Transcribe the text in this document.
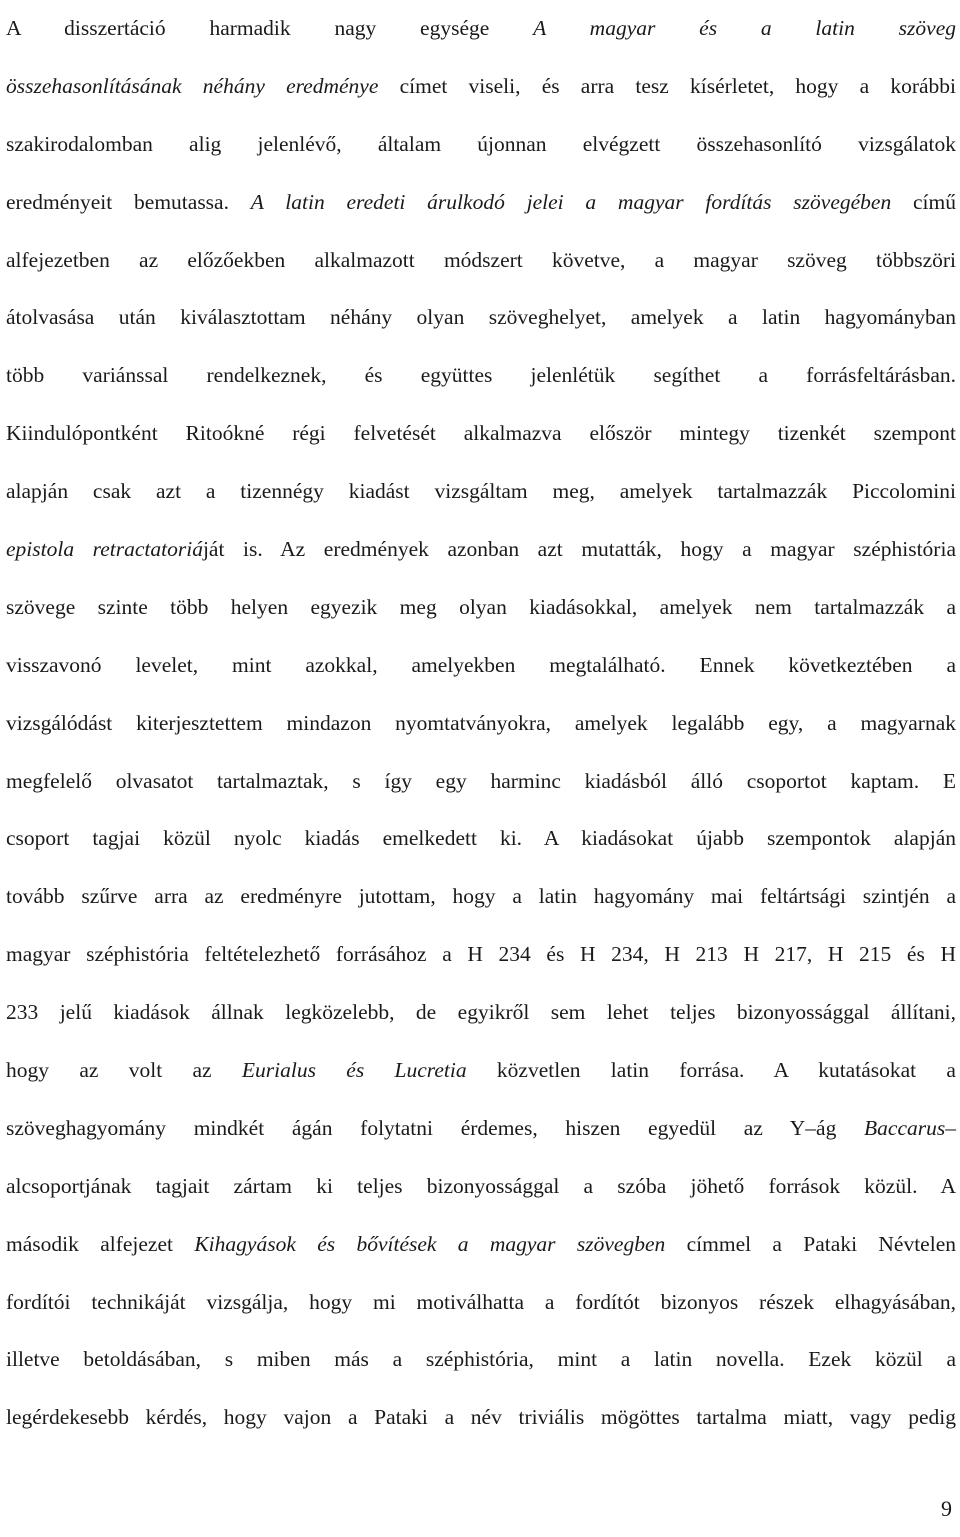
A disszertáció harmadik nagy egysége A magyar és a latin szöveg
összehasonlításának néhány eredménye címet viseli, és arra tesz kísérletet, hogy a korábbi
szakirodalomban alig jelenlévő, általam újonnan elvégzett összehasonlító vizsgálatok
eredményeit bemutassa. A latin eredeti árulkodó jelei a magyar fordítás szövegében című
alfejezetben az előzőekben alkalmazott módszert követve, a magyar szöveg többszöri
átolvasása után kiválasztottam néhány olyan szöveghelyet, amelyek a latin hagyományban
több variánssal rendelkeznek, és együttes jelenlétük segíthet a forrásfeltárásban.
Kiindulópontként Ritoókné régi felvetését alkalmazva először mintegy tizenkét szempont
alapján csak azt a tizennégy kiadást vizsgáltam meg, amelyek tartalmazzák Piccolomini
epistola retractatoriáját is. Az eredmények azonban azt mutatták, hogy a magyar széphistória
szövege szinte több helyen egyezik meg olyan kiadásokkal, amelyek nem tartalmazzák a
visszavonó levelet, mint azokkal, amelyekben megtalálható. Ennek következtében a
vizsgálódást kiterjesztettem mindazon nyomtatványokra, amelyek legalább egy, a magyarnak
megfelelő olvasatot tartalmaztak, s így egy harminc kiadásból álló csoportot kaptam. E
csoport tagjai közül nyolc kiadás emelkedett ki. A kiadásokat újabb szempontok alapján
tovább szűrve arra az eredményre jutottam, hogy a latin hagyomány mai feltártsági szintjén a
magyar széphistória feltételezhető forrásához a H 234 és H 234, H 213 H 217, H 215 és H
233 jelű kiadások állnak legközelebb, de egyikről sem lehet teljes bizonyossággal állítani,
hogy az volt az Eurialus és Lucretia közvetlen latin forrása. A kutatásokat a
szöveghagyomány mindkét ágán folytatni érdemes, hiszen egyedül az Y–ág Baccarus–
alcsoportjának tagjait zártam ki teljes bizonyossággal a szóba jöhető források közül. A
második alfejezet Kihagyások és bővítések a magyar szövegben címmel a Pataki Névtelen
fordítói technikáját vizsgálja, hogy mi motiválhatta a fordítót bizonyos részek elhagyásában,
illetve betoldásában, s miben más a széphistória, mint a latin novella. Ezek közül a
legérdekesebb kérdés, hogy vajon a Pataki a név triviális mögöttes tartalma miatt, vagy pedig
9
